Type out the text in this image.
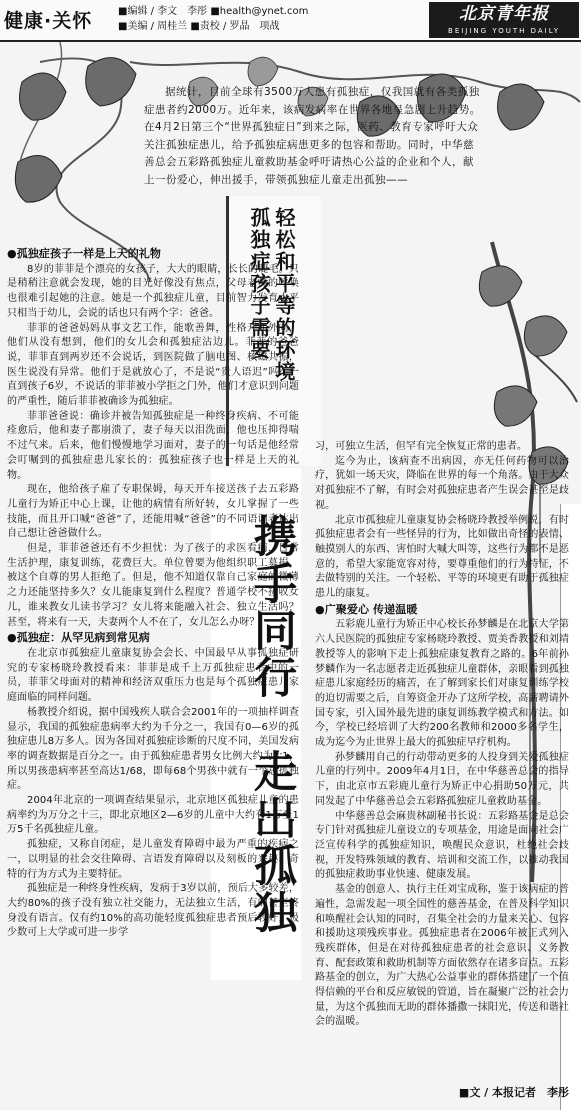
健康·关怀	■编辑 / 李文　李彤 ■health@ynet.com
■美编 / 周桂兰 ■责校 / 罗晶　项战
北京青年报
BEIJING YOUTH DAILY

据统计，目前全球有3500万人患有孤独症，仅我国就有各类孤独症患者约2000万。近年来，该病发病率在世界各地呈急剧上升趋势。在4月2日第三个“世界孤独症日”到来之际，医药、教育专家呼吁大众关注孤独症患儿，给予孤独症病患更多的包容和帮助。同时，中华慈善总会五彩路孤独症儿童救助基金呼吁请热心公益的企业和个人，献上一份爱心，伸出援手，带领孤独症儿童走出孤独——

轻松和平等的环境
孤独症孩子需要
携手同行　走出孤独

●孤独症孩子一样是上天的礼物

8岁的菲菲是个漂亮的女孩子，大大的眼睛，长长的睫毛。只是稍稍注意就会发现，她的目光好像没有焦点，父母老师的呼唤也很难引起她的注意。她是一个孤独症儿童，目前智力发育水平只相当于幼儿，会说的话也只有两个字：爸爸。

菲菲的爸爸妈妈从事文艺工作，能歌善舞，性格开朗外向，他们从没有想到，他们的女儿会和孤独症沾边儿。菲菲的爸爸说，菲菲直到两岁还不会说话，到医院做了脑电图、核磁共振，医生说没有异常。他们于是就放心了，不是说“贵人语迟”吗？一直到孩子6岁，不说话的菲菲被小学拒之门外，他们才意识到问题的严重性，随后菲菲被确诊为孤独症。

菲菲爸爸说：确诊并被告知孤独症是一种终身疾病、不可能痊愈后，他和妻子都崩溃了，妻子每天以泪洗面，他也压抑得喘不过气来。后来，他们慢慢地学习面对，妻子的一句话是他经常会叮嘱到的孤独症患儿家长的：孤独症孩子也一样是上天的礼物。

现在，他给孩子雇了专职保姆，每天开车接送孩子去五彩路儿童行为矫正中心上课，让他的病情有所好转，女儿掌握了一些技能，而且开口喊“爸爸”了，还能用喊“爸爸”的不同语调表达出自己想让爸爸做什么。

但是，菲菲爸爸还有不少担忧：为了孩子的求医看病，日常生活护理，康复训练，花费巨大。单位曾要为他组织职工募捐，被这个自尊的男人拒绝了。但是，他不知道仅靠自己家庭的微薄之力还能坚持多久？女儿能康复到什么程度？普通学校不接收女儿，谁来教女儿读书学习？女儿将来能融入社会、独立生活吗？甚至，将来有一天，夫妻两个人不在了，女儿怎么办呀？

●孤独症：从罕见病到常见病

在北京市孤独症儿童康复协会会长、中国最早从事孤独症研究的专家杨晓玲教授看来：菲菲是成千上万孤独症患者中的一员，菲菲父母面对的精神和经济双重压力也是每个孤独症患儿家庭面临的同样问题。

杨教授介绍说，据中国残疾人联合会2001年的一项抽样调查显示，我国的孤独症患病率大约为千分之一，我国有0—6岁的孤独症患儿8万多人。因为各国对孤独症诊断的尺度不同，美国发病率的调查数据是百分之一。由于孤独症患者男女比例大约为3∶1，所以男孩患病率甚至高达1/68，即每68个男孩中就有一个患孤独症。

2004年北京的一项调查结果显示，北京地区孤独症儿童的患病率约为万分之十三，即北京地区2—6岁的儿童中大约有1万至1万5千名孤独症儿童。

孤独症，又称自闭症，是儿童发育障碍中最为严重的疾病之一，以明显的社会交往障碍、言语发育障碍以及刻板的兴趣、奇特的行为方式为主要特征。

孤独症是一种终身性疾病，发病于3岁以前，预后大多较差，大约80%的孩子没有独立社交能力，无法独立生活，有的甚至终身没有语言。仅有约10%的高功能轻度孤独症患者预后较好，极少数可上大学或可进一步学

习，可独立生活，但罕有完全恢复正常的患者。

迄今为止，该病查不出病因，亦无任何药物可以治疗，犹如一场天灾，降临在世界的每一个角落。由于大众对孤独症不了解，有时会对孤独症患者产生误会甚至是歧视。

北京市孤独症儿童康复协会杨晓玲教授举例说，有时孤独症患者会有一些怪异的行为，比如做出奇怪的表情、触摸别人的东西、害怕时大喊大叫等，这些行为都不是恶意的，希望大家能宽容对待，要尊重他们的行为特征，不去做特别的关注。一个轻松、平等的环境更有助于孤独症患儿的康复。

●广聚爱心 传递温暖

五彩鹿儿童行为矫正中心校长孙梦麟是在北京大学第六人民医院的孤独症专家杨晓玲教授、贾美香教授和刘靖教授等人的影响下走上孤独症康复教育之路的。6年前孙梦麟作为一名志愿者走近孤独症儿童群体，亲眼看到孤独症患儿家庭经历的痛苦，在了解到家长们对康复训练学校的迫切需要之后，自筹资金开办了这所学校，高薪聘请外国专家，引入国外最先进的康复训练教学模式和方法。如今，学校已经培训了大约200名教师和2000多名学生，成为迄今为止世界上最大的孤独症早疗机构。

孙梦麟用自己的行动带动更多的人投身到关爱孤独症儿童的行列中。2009年4月1日，在中华慈善总会的指导下，由北京市五彩鹿儿童行为矫正中心捐助50万元，共同发起了中华慈善总会五彩路孤独症儿童救助基金。

中华慈善总会麻贵林副秘书长说：五彩路基金是总会专门针对孤独症儿童设立的专项基金，用途是面向社会广泛宣传科学的孤独症知识，唤醒民众意识，杜绝社会歧视，开发特殊领域的教育、培训和交流工作，以推动我国的孤独症救助事业快速、健康发展。

基金的创意人、执行主任刘宝成称，鉴于该病症的普遍性，急需发起一项全国性的慈善基金，在普及科学知识和唤醒社会认知的同时，召集全社会的力量来关心、包容和援助这项残疾事业。孤独症患者在2006年被正式列入残疾群体，但是在对待孤独症患者的社会意识、义务教育、配套政策和救助机制等方面依然存在诸多盲点。五彩路基金的创立，为广大热心公益事业的群体搭建了一个值得信赖的平台和反应敏锐的管道，旨在凝聚广泛的社会力量，为这个孤独而无助的群体播撒一抹阳光，传送和谐社会的温暖。

■文 / 本报记者　李彤
